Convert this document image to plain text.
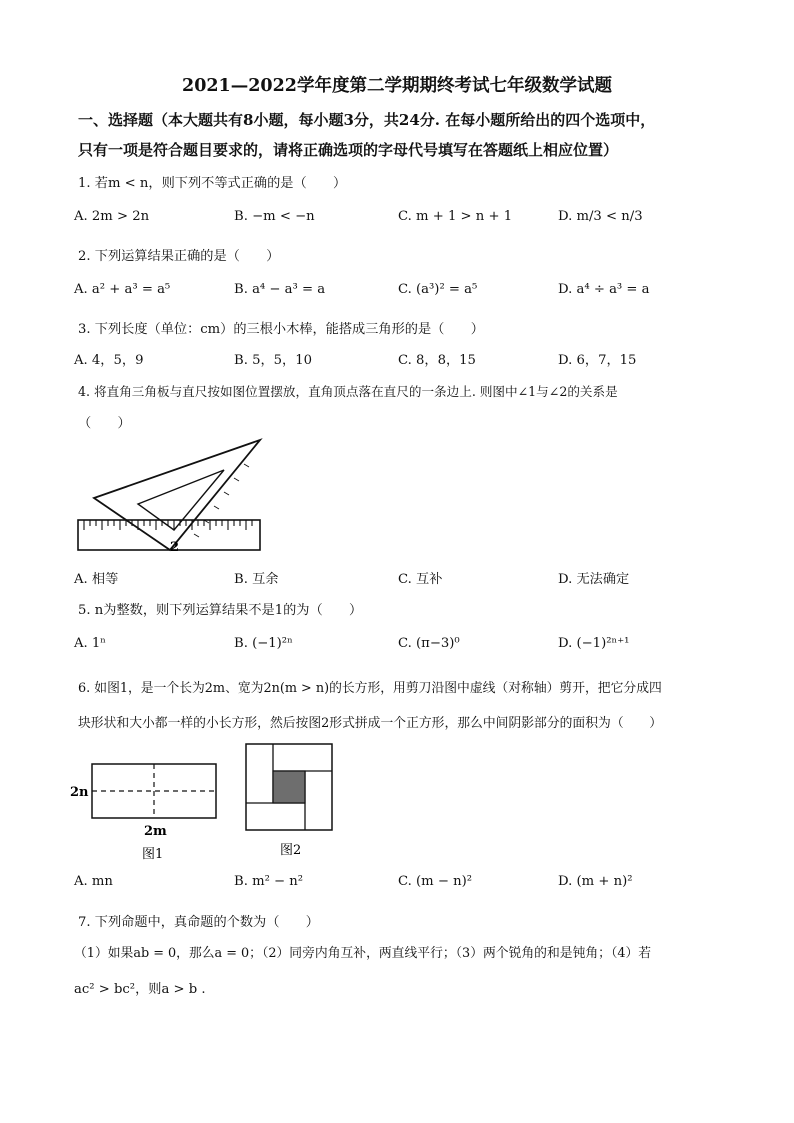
2021—2022学年度第二学期期终考试七年级数学试题
一、选择题（本大题共有8小题，每小题3分，共24分. 在每小题所给出的四个选项中，
只有一项是符合题目要求的，请将正确选项的字母代号填写在答题纸上相应位置）
1. 若m < n，则下列不等式正确的是（　　）
A. 2m > 2n	B. −m < −n	C. m + 1 > n + 1	D. m/3 < n/3
2. 下列运算结果正确的是（　　）
A. a² + a³ = a⁵	B. a⁴ − a³ = a	C. (a³)² = a⁵	D. a⁴ ÷ a³ = a
3. 下列长度（单位：cm）的三根小木棒，能搭成三角形的是（　　）
A. 4，5，9	B. 5，5，10	C. 8，8，15	D. 6，7，15
4. 将直角三角板与直尺按如图位置摆放，直角顶点落在直尺的一条边上. 则图中∠1与∠2的关系是
（　　）
2
A. 相等	B. 互余	C. 互补	D. 无法确定
5. n为整数，则下列运算结果不是1的为（　　）
A. 1ⁿ	B. (−1)²ⁿ	C. (π−3)⁰	D. (−1)²ⁿ⁺¹
6. 如图1，是一个长为2m、宽为2n(m > n)的长方形，用剪刀沿图中虚线（对称轴）剪开，把它分成四
块形状和大小都一样的小长方形，然后按图2形式拼成一个正方形，那么中间阴影部分的面积为（　　）
2n
2m
图1	图2
A. mn	B. m² − n²	C. (m − n)²	D. (m + n)²
7. 下列命题中，真命题的个数为（　　）
（1）如果ab = 0，那么a = 0；（2）同旁内角互补，两直线平行；（3）两个锐角的和是钝角；（4）若
ac² > bc²，则a > b .
